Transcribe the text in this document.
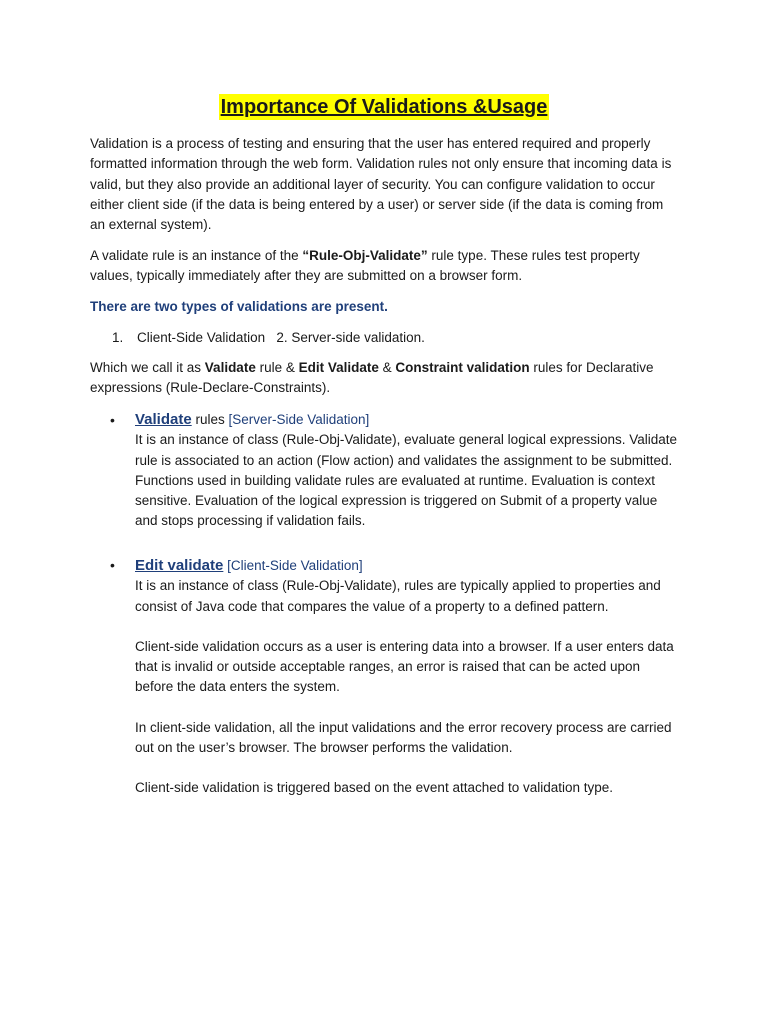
Importance Of Validations &Usage
Validation is a process of testing and ensuring that the user has entered required and properly formatted information through the web form. Validation rules not only ensure that incoming data is valid, but they also provide an additional layer of security. You can configure validation to occur either client side (if the data is being entered by a user) or server side (if the data is coming from an external system).
A validate rule is an instance of the “Rule-Obj-Validate” rule type. These rules test property values, typically immediately after they are submitted on a browser form.
There are two types of validations are present.
1. Client-Side Validation   2. Server-side validation.
Which we call it as Validate rule & Edit Validate & Constraint validation rules for Declarative expressions (Rule-Declare-Constraints).
• Validate rules [Server-Side Validation]
It is an instance of class (Rule-Obj-Validate), evaluate general logical expressions. Validate rule is associated to an action (Flow action) and validates the assignment to be submitted. Functions used in building validate rules are evaluated at runtime. Evaluation is context sensitive. Evaluation of the logical expression is triggered on Submit of a property value and stops processing if validation fails.
• Edit validate [Client-Side Validation]
It is an instance of class (Rule-Obj-Validate), rules are typically applied to properties and consist of Java code that compares the value of a property to a defined pattern.
Client-side validation occurs as a user is entering data into a browser. If a user enters data that is invalid or outside acceptable ranges, an error is raised that can be acted upon before the data enters the system.
In client-side validation, all the input validations and the error recovery process are carried out on the user’s browser. The browser performs the validation.
Client-side validation is triggered based on the event attached to validation type.
